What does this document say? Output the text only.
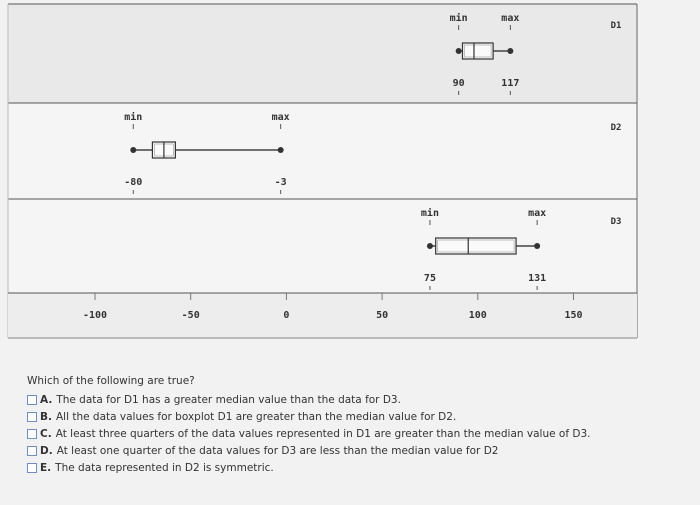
-100	-50	0	50	100	150
D1
min	max
90	117
D2
min	max
-80	-3
D3
min	max
75	131

Which of the following are true?

A. The data for D1 has a greater median value than the data for D3.
B. All the data values for boxplot D1 are greater than the median value for D2.
C. At least three quarters of the data values represented in D1 are greater than the median value of D3.
D. At least one quarter of the data values for D3 are less than the median value for D2
E. The data represented in D2 is symmetric.
